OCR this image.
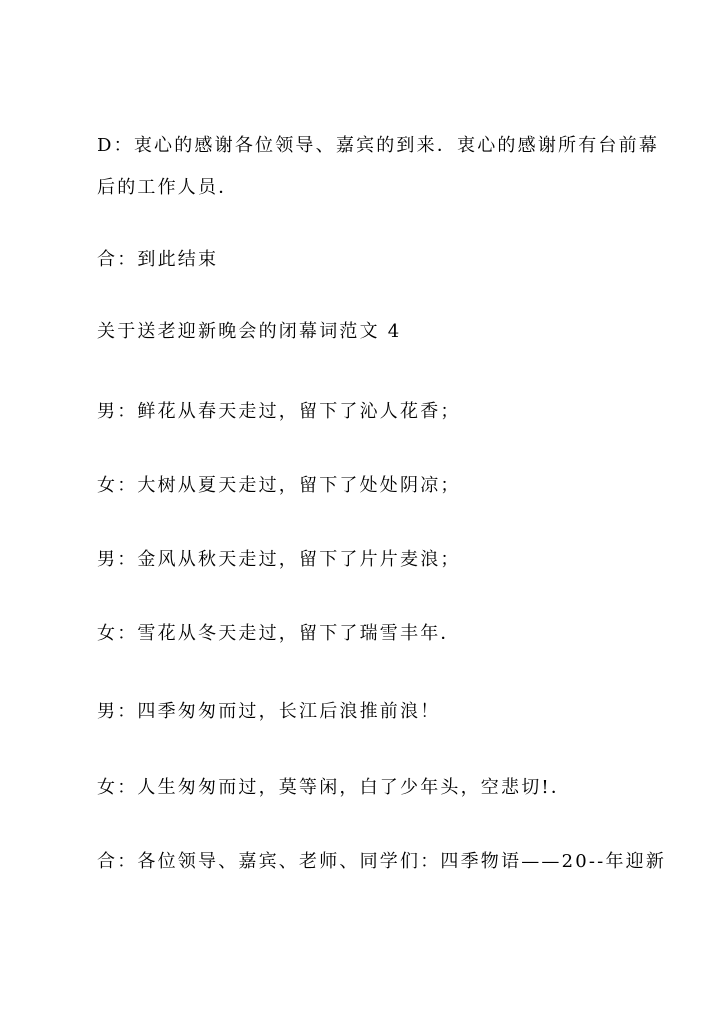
D：衷心的感谢各位领导、嘉宾的到来．衷心的感谢所有台前幕
后的工作人员．
合：到此结束
关于送老迎新晚会的闭幕词范文 4
男：鲜花从春天走过，留下了沁人花香；
女：大树从夏天走过，留下了处处阴凉；
男：金风从秋天走过，留下了片片麦浪；
女：雪花从冬天走过，留下了瑞雪丰年．
男：四季匆匆而过，长江后浪推前浪！
女：人生匆匆而过，莫等闲，白了少年头，空悲切!．
合：各位领导、嘉宾、老师、同学们：四季物语——20--年迎新
